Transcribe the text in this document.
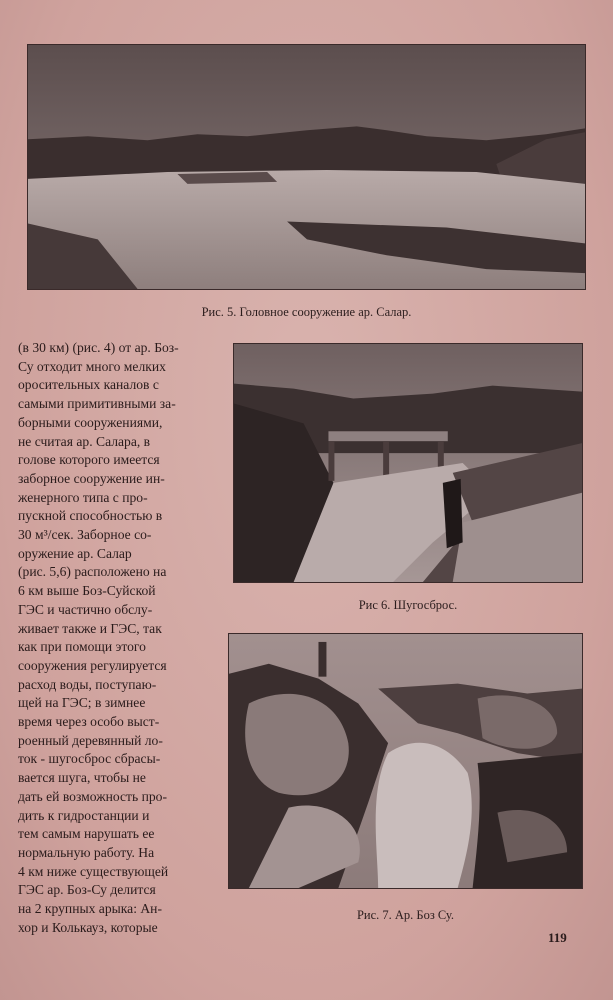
Рис. 5. Головное сооружение ар. Салар.
(в 30 км) (рис. 4) от ар. Боз-
Су отходит много мелких
оросительных каналов с
самыми примитивными за-
борными сооружениями,
не считая ар. Салара, в
голове которого имеется
заборное сооружение ин-
женерного типа с про-
пускной способностью в
30 м³/сек. Заборное со-
оружение ар. Салар
(рис. 5,6) расположено на
6 км выше Боз-Суйской
ГЭС и частично обслу-
живает также и ГЭС, так
как при помощи этого
сооружения регулируется
расход воды, поступаю-
щей на ГЭС; в зимнее
время через особо выст-
роенный деревянный ло-
ток - шугосброс сбрасы-
вается шуга, чтобы не
дать ей возможность про-
дить к гидростанции и
тем самым нарушать ее
нормальную работу. На
4 км ниже существующей
ГЭС ар. Боз-Су делится
на 2 крупных арыка: Ан-
хор и Колькауз, которые
Рис 6. Шугосброс.
Рис. 7. Ар. Боз Су.
119
